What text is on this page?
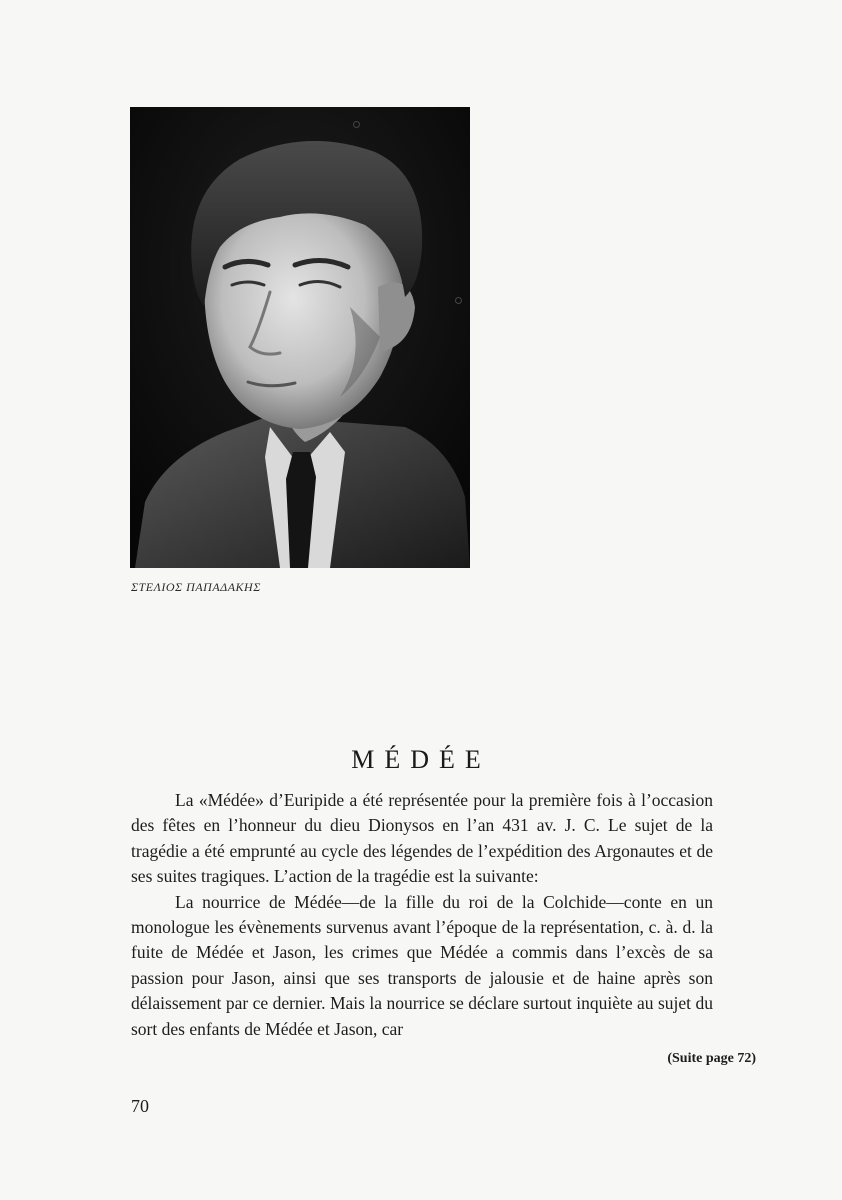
ΣΤΕΛΙΟΣ ΠΑΠΑΔΑΚΗΣ
MÉDÉE

La «Médée» d’Euripide a été représentée pour la première fois à l’occasion des fêtes en l’honneur du dieu Dionysos en l’an 431 av. J. C. Le sujet de la tragédie a été emprunté au cycle des légendes de l’expédition des Argonautes et de ses suites tragiques. L’action de la tragédie est la suivante:

La nourrice de Médée—de la fille du roi de la Colchide—conte en un monologue les évènements survenus avant l’époque de la représentation, c. à. d. la fuite de Médée et Jason, les crimes que Médée a commis dans l’excès de sa passion pour Jason, ainsi que ses transports de jalousie et de haine après son délaissement par ce dernier. Mais la nourrice se déclare surtout inquiète au sujet du sort des enfants de Médée et Jason, car

(Suite page 72)
70
